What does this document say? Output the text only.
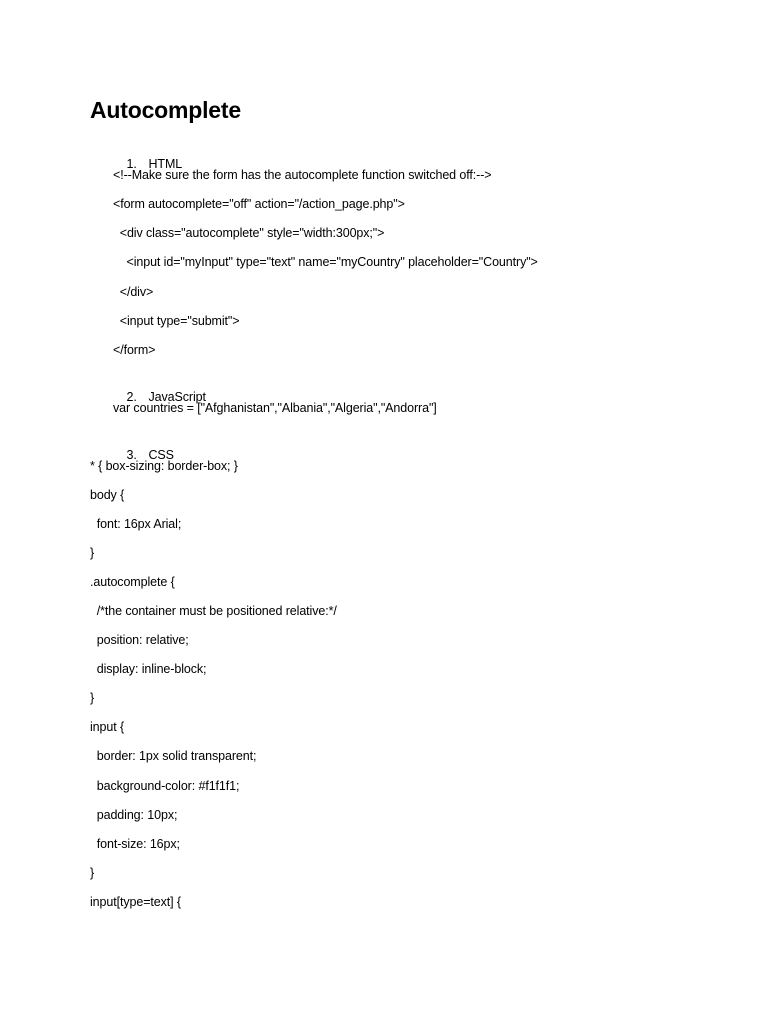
Autocomplete

1. HTML

<!--Make sure the form has the autocomplete function switched off:-->
<form autocomplete="off" action="/action_page.php">
<div class="autocomplete" style="width:300px;">
<input id="myInput" type="text" name="myCountry" placeholder="Country">
</div>
<input type="submit">
</form>

2. JavaScript

var countries = ["Afghanistan","Albania","Algeria","Andorra"]

3. CSS

* { box-sizing: border-box; }
body {
font: 16px Arial;
}
.autocomplete {
/*the container must be positioned relative:*/
position: relative;
display: inline-block;
}
input {
border: 1px solid transparent;
background-color: #f1f1f1;
padding: 10px;
font-size: 16px;
}
input[type=text] {
